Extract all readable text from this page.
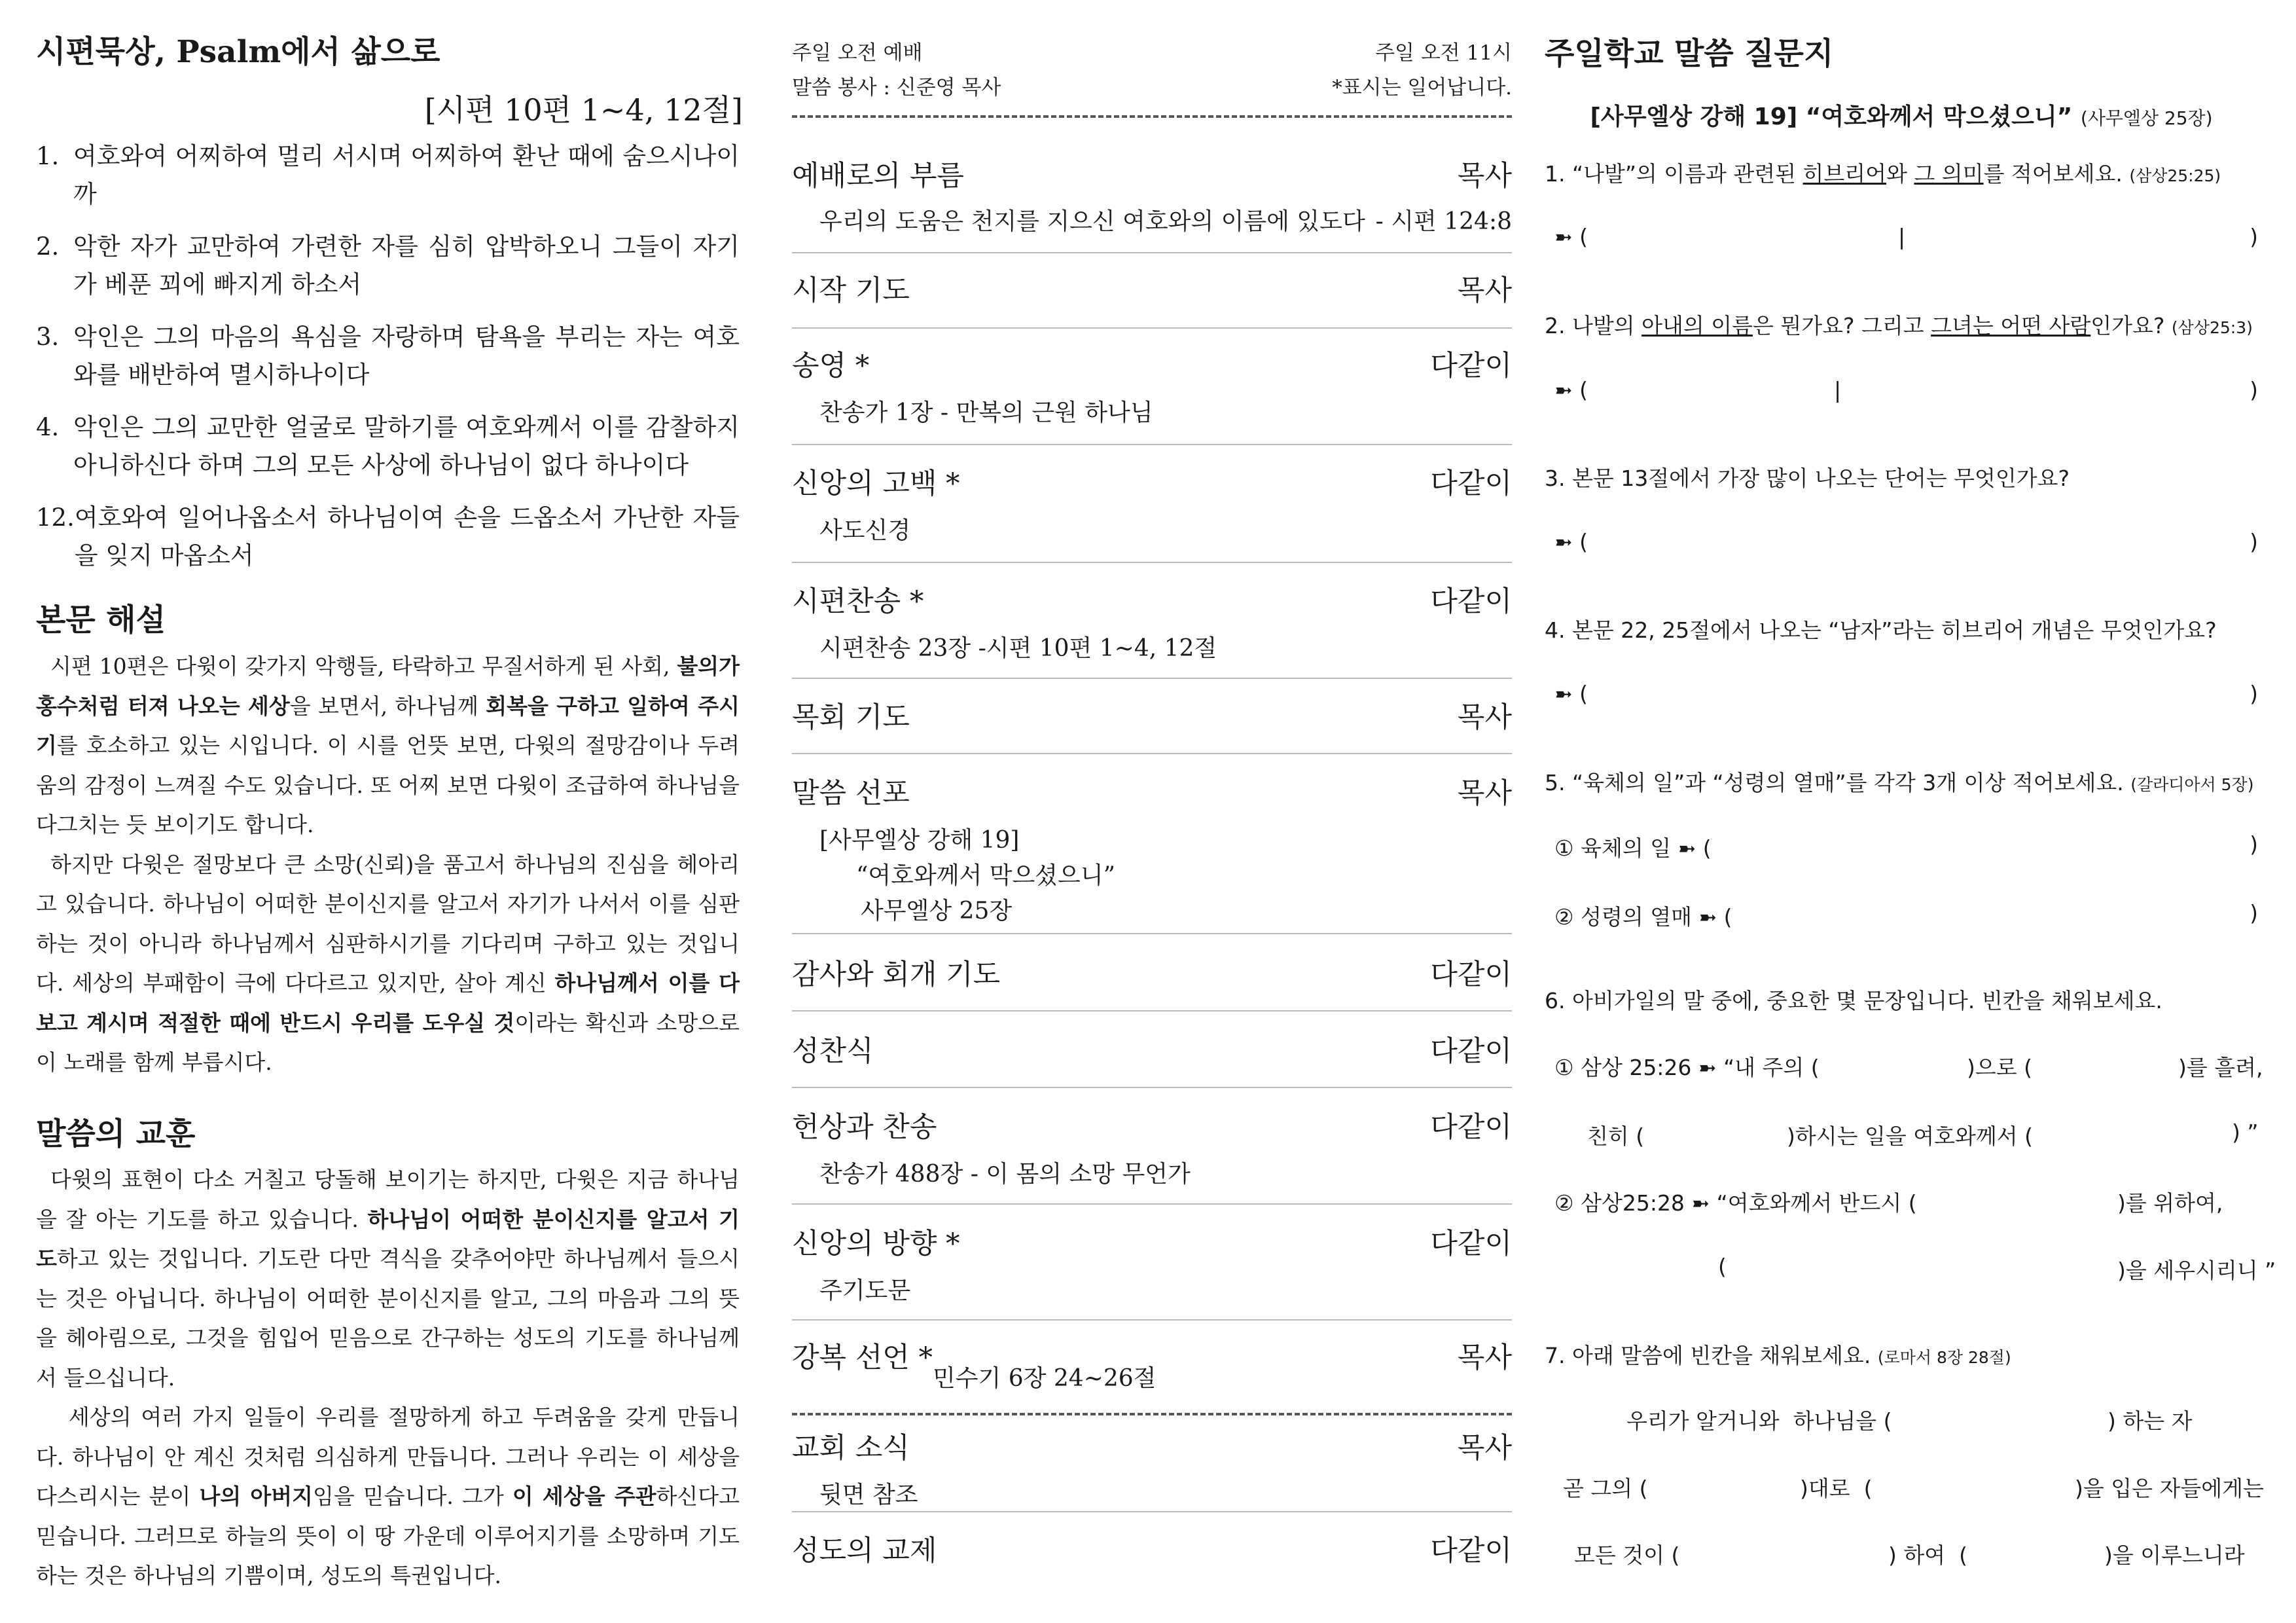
시편묵상, Psalm에서 삶으로
[시편 10편 1~4, 12절]
1. 여호와여 어찌하여 멀리 서시며 어찌하여 환난 때에 숨으시나이까
2. 악한 자가 교만하여 가련한 자를 심히 압박하오니 그들이 자기가 베푼 꾀에 빠지게 하소서
3. 악인은 그의 마음의 욕심을 자랑하며 탐욕을 부리는 자는 여호와를 배반하여 멸시하나이다
4. 악인은 그의 교만한 얼굴로 말하기를 여호와께서 이를 감찰하지 아니하신다 하며 그의 모든 사상에 하나님이 없다 하나이다
12. 여호와여 일어나옵소서 하나님이여 손을 드옵소서 가난한 자들을 잊지 마옵소서
본문 해설

시편 10편은 다윗이 갖가지 악행들, 타락하고 무질서하게 된 사회, 불의가 홍수처럼 터져 나오는 세상을 보면서, 하나님께 회복을 구하고 일하여 주시기를 호소하고 있는 시입니다. 이 시를 언뜻 보면, 다윗의 절망감이나 두려움의 감정이 느껴질 수도 있습니다. 또 어찌 보면 다윗이 조급하여 하나님을 다그치는 듯 보이기도 합니다.

하지만 다윗은 절망보다 큰 소망(신뢰)을 품고서 하나님의 진심을 헤아리고 있습니다. 하나님이 어떠한 분이신지를 알고서 자기가 나서서 이를 심판하는 것이 아니라 하나님께서 심판하시기를 기다리며 구하고 있는 것입니다. 세상의 부패함이 극에 다다르고 있지만, 살아 계신 하나님께서 이를 다 보고 계시며 적절한 때에 반드시 우리를 도우실 것이라는 확신과 소망으로 이 노래를 함께 부릅시다.

말씀의 교훈

다윗의 표현이 다소 거칠고 당돌해 보이기는 하지만, 다윗은 지금 하나님을 잘 아는 기도를 하고 있습니다. 하나님이 어떠한 분이신지를 알고서 기도하고 있는 것입니다. 기도란 다만 격식을 갖추어야만 하나님께서 들으시는 것은 아닙니다. 하나님이 어떠한 분이신지를 알고, 그의 마음과 그의 뜻을 헤아림으로, 그것을 힘입어 믿음으로 간구하는 성도의 기도를 하나님께서 들으십니다.

세상의 여러 가지 일들이 우리를 절망하게 하고 두려움을 갖게 만듭니다. 하나님이 안 계신 것처럼 의심하게 만듭니다. 그러나 우리는 이 세상을 다스리시는 분이 나의 아버지임을 믿습니다. 그가 이 세상을 주관하신다고 믿습니다. 그러므로 하늘의 뜻이 이 땅 가운데 이루어지기를 소망하며 기도하는 것은 하나님의 기쁨이며, 성도의 특권입니다.

주일 오전 예배	주일 오전 11시
말씀 봉사 : 신준영 목사	*표시는 일어납니다.
예배로의 부름	목사
우리의 도움은 천지를 지으신 여호와의 이름에 있도다 - 시편 124:8
시작 기도	목사
송영 *	다같이
찬송가 1장 - 만복의 근원 하나님
신앙의 고백 *	다같이
사도신경
시편찬송 *	다같이
시편찬송 23장 -시편 10편 1~4, 12절
목회 기도	목사
말씀 선포	목사
[사무엘상 강해 19]
“여호와께서 막으셨으니”
사무엘상 25장
감사와 회개 기도	다같이
성찬식	다같이
헌상과 찬송	다같이
찬송가 488장 - 이 몸의 소망 무언가
신앙의 방향 *	다같이
주기도문
강복 선언 *	목사
민수기 6장 24~26절
교회 소식	목사
뒷면 참조
성도의 교제	다같이
주일학교 말씀 질문지
[사무엘상 강해 19] “여호와께서 막으셨으니” (사무엘상 25장)
1. “나발”의 이름과 관련된 히브리어와 그 의미를 적어보세요. (삼상25:25)
➼ (	|	)
2. 나발의 아내의 이름은 뭔가요? 그리고 그녀는 어떤 사람인가요? (삼상25:3)
➼ (	|	)
3. 본문 13절에서 가장 많이 나오는 단어는 무엇인가요?
➼ (	)
4. 본문 22, 25절에서 나오는 “남자”라는 히브리어 개념은 무엇인가요?
➼ (	)
5. “육체의 일”과 “성령의 열매”를 각각 3개 이상 적어보세요. (갈라디아서 5장)
① 육체의 일 ➼ (	)
② 성령의 열매 ➼ (	)
6. 아비가일의 말 중에, 중요한 몇 문장입니다. 빈칸을 채워보세요.
① 삼상 25:26 ➼ “내 주의 (	)으로 (	)를 흘려,
친히 (	)하시는 일을 여호와께서 (	) ”
② 삼상25:28 ➼ “여호와께서 반드시 (	)를 위하여,
(	)을 세우시리니 ”
7. 아래 말씀에 빈칸을 채워보세요. (로마서 8장 28절)
우리가 알거니와  하나님을 (	) 하는 자
곧 그의 (	)대로  (	)을 입은 자들에게는
모든 것이 (	) 하여  (	)을 이루느니라
